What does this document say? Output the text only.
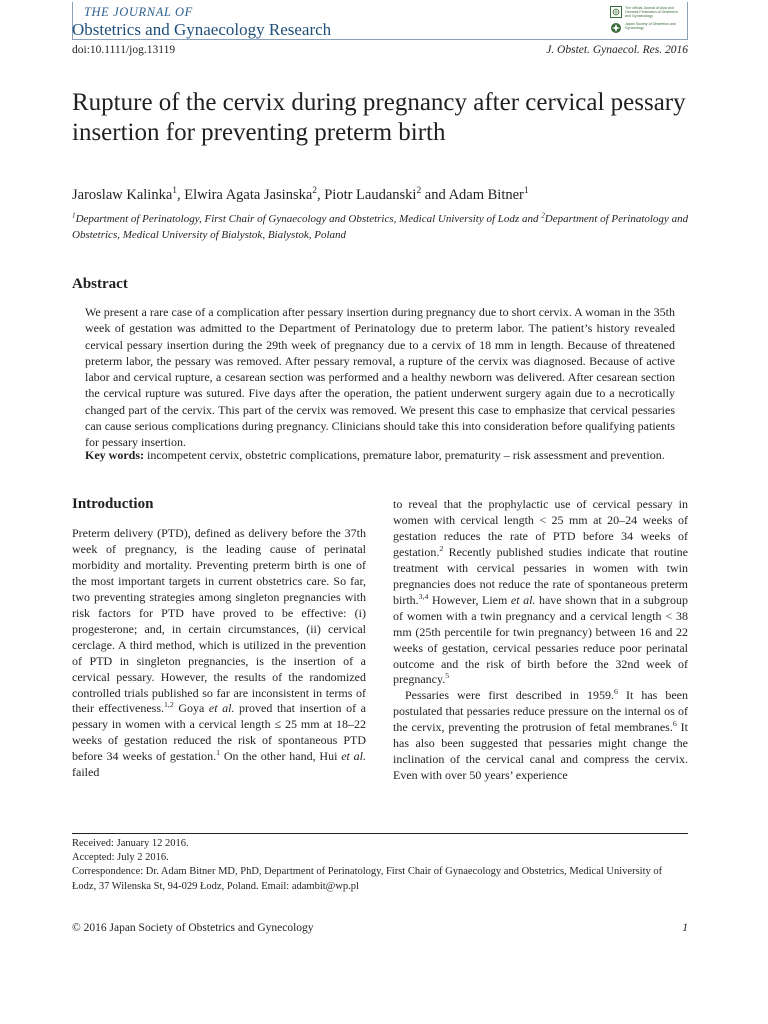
THE JOURNAL OF
Obstetrics and Gynaecology Research
The official Journal of Asia and Oceania Federation of Obstetrics and Gynaecology
Japan Society of Obstetrics and Gynecology
doi:10.1111/jog.13119	J. Obstet. Gynaecol. Res. 2016
Rupture of the cervix during pregnancy after cervical pessary insertion for preventing preterm birth
Jaroslaw Kalinka$^1$, Elwira Agata Jasinska$^2$, Piotr Laudanski$^2$ and Adam Bitner$^1$
$^1$Department of Perinatology, First Chair of Gynaecology and Obstetrics, Medical University of Lodz and $^2$Department of Perinatology and Obstetrics, Medical University of Bialystok, Bialystok, Poland
Abstract

We present a rare case of a complication after pessary insertion during pregnancy due to short cervix. A woman in the 35th week of gestation was admitted to the Department of Perinatology due to preterm labor. The patient’s history revealed cervical pessary insertion during the 29th week of pregnancy due to a cervix of 18 mm in length. Because of threatened preterm labor, the pessary was removed. After pessary removal, a rupture of the cervix was diagnosed. Because of active labor and cervical rupture, a cesarean section was performed and a healthy newborn was delivered. After cesarean section the cervical rupture was sutured. Five days after the operation, the patient underwent surgery again due to a necrotically changed part of the cervix. This part of the cervix was removed. We present this case to emphasize that cervical pessaries can cause serious complications during pregnancy. Clinicians should take this into consideration before qualifying patients for pessary insertion.

Key words: incompetent cervix, obstetric complications, premature labor, prematurity – risk assessment and prevention.

Introduction

Preterm delivery (PTD), defined as delivery before the 37th week of pregnancy, is the leading cause of perinatal morbidity and mortality. Preventing preterm birth is one of the most important targets in current obstetrics care. So far, two preventing strategies among singleton pregnancies with risk factors for PTD have proved to be effective: (i) progesterone; and, in certain circumstances, (ii) cervical cerclage. A third method, which is utilized in the prevention of PTD in singleton pregnancies, is the insertion of a cervical pessary. However, the results of the randomized controlled trials published so far are inconsistent in terms of their effectiveness.$^{1,2}$ Goya et al. proved that insertion of a pessary in women with a cervical length ≤ 25 mm at 18–22 weeks of gestation reduced the risk of spontaneous PTD before 34 weeks of gestation.$^1$ On the other hand, Hui et al. failed

to reveal that the prophylactic use of cervical pessary in women with cervical length < 25 mm at 20–24 weeks of gestation reduces the rate of PTD before 34 weeks of gestation.$^2$ Recently published studies indicate that routine treatment with cervical pessaries in women with twin pregnancies does not reduce the rate of spontaneous preterm birth.$^{3,4}$ However, Liem et al. have shown that in a subgroup of women with a twin pregnancy and a cervical length < 38 mm (25th percentile for twin pregnancy) between 16 and 22 weeks of gestation, cervical pessaries reduce poor perinatal outcome and the risk of birth before the 32nd week of pregnancy.$^5$

Pessaries were first described in 1959.$^6$ It has been postulated that pessaries reduce pressure on the internal os of the cervix, preventing the protrusion of fetal membranes.$^6$ It has also been suggested that pessaries might change the inclination of the cervical canal and compress the cervix. Even with over 50 years’ experience

Received: January 12 2016.
Accepted: July 2 2016.
Correspondence: Dr. Adam Bitner MD, PhD, Department of Perinatology, First Chair of Gynaecology and Obstetrics, Medical University of Łodz, 37 Wilenska St, 94-029 Łodz, Poland. Email: adambit@wp.pl
© 2016 Japan Society of Obstetrics and Gynecology	1
